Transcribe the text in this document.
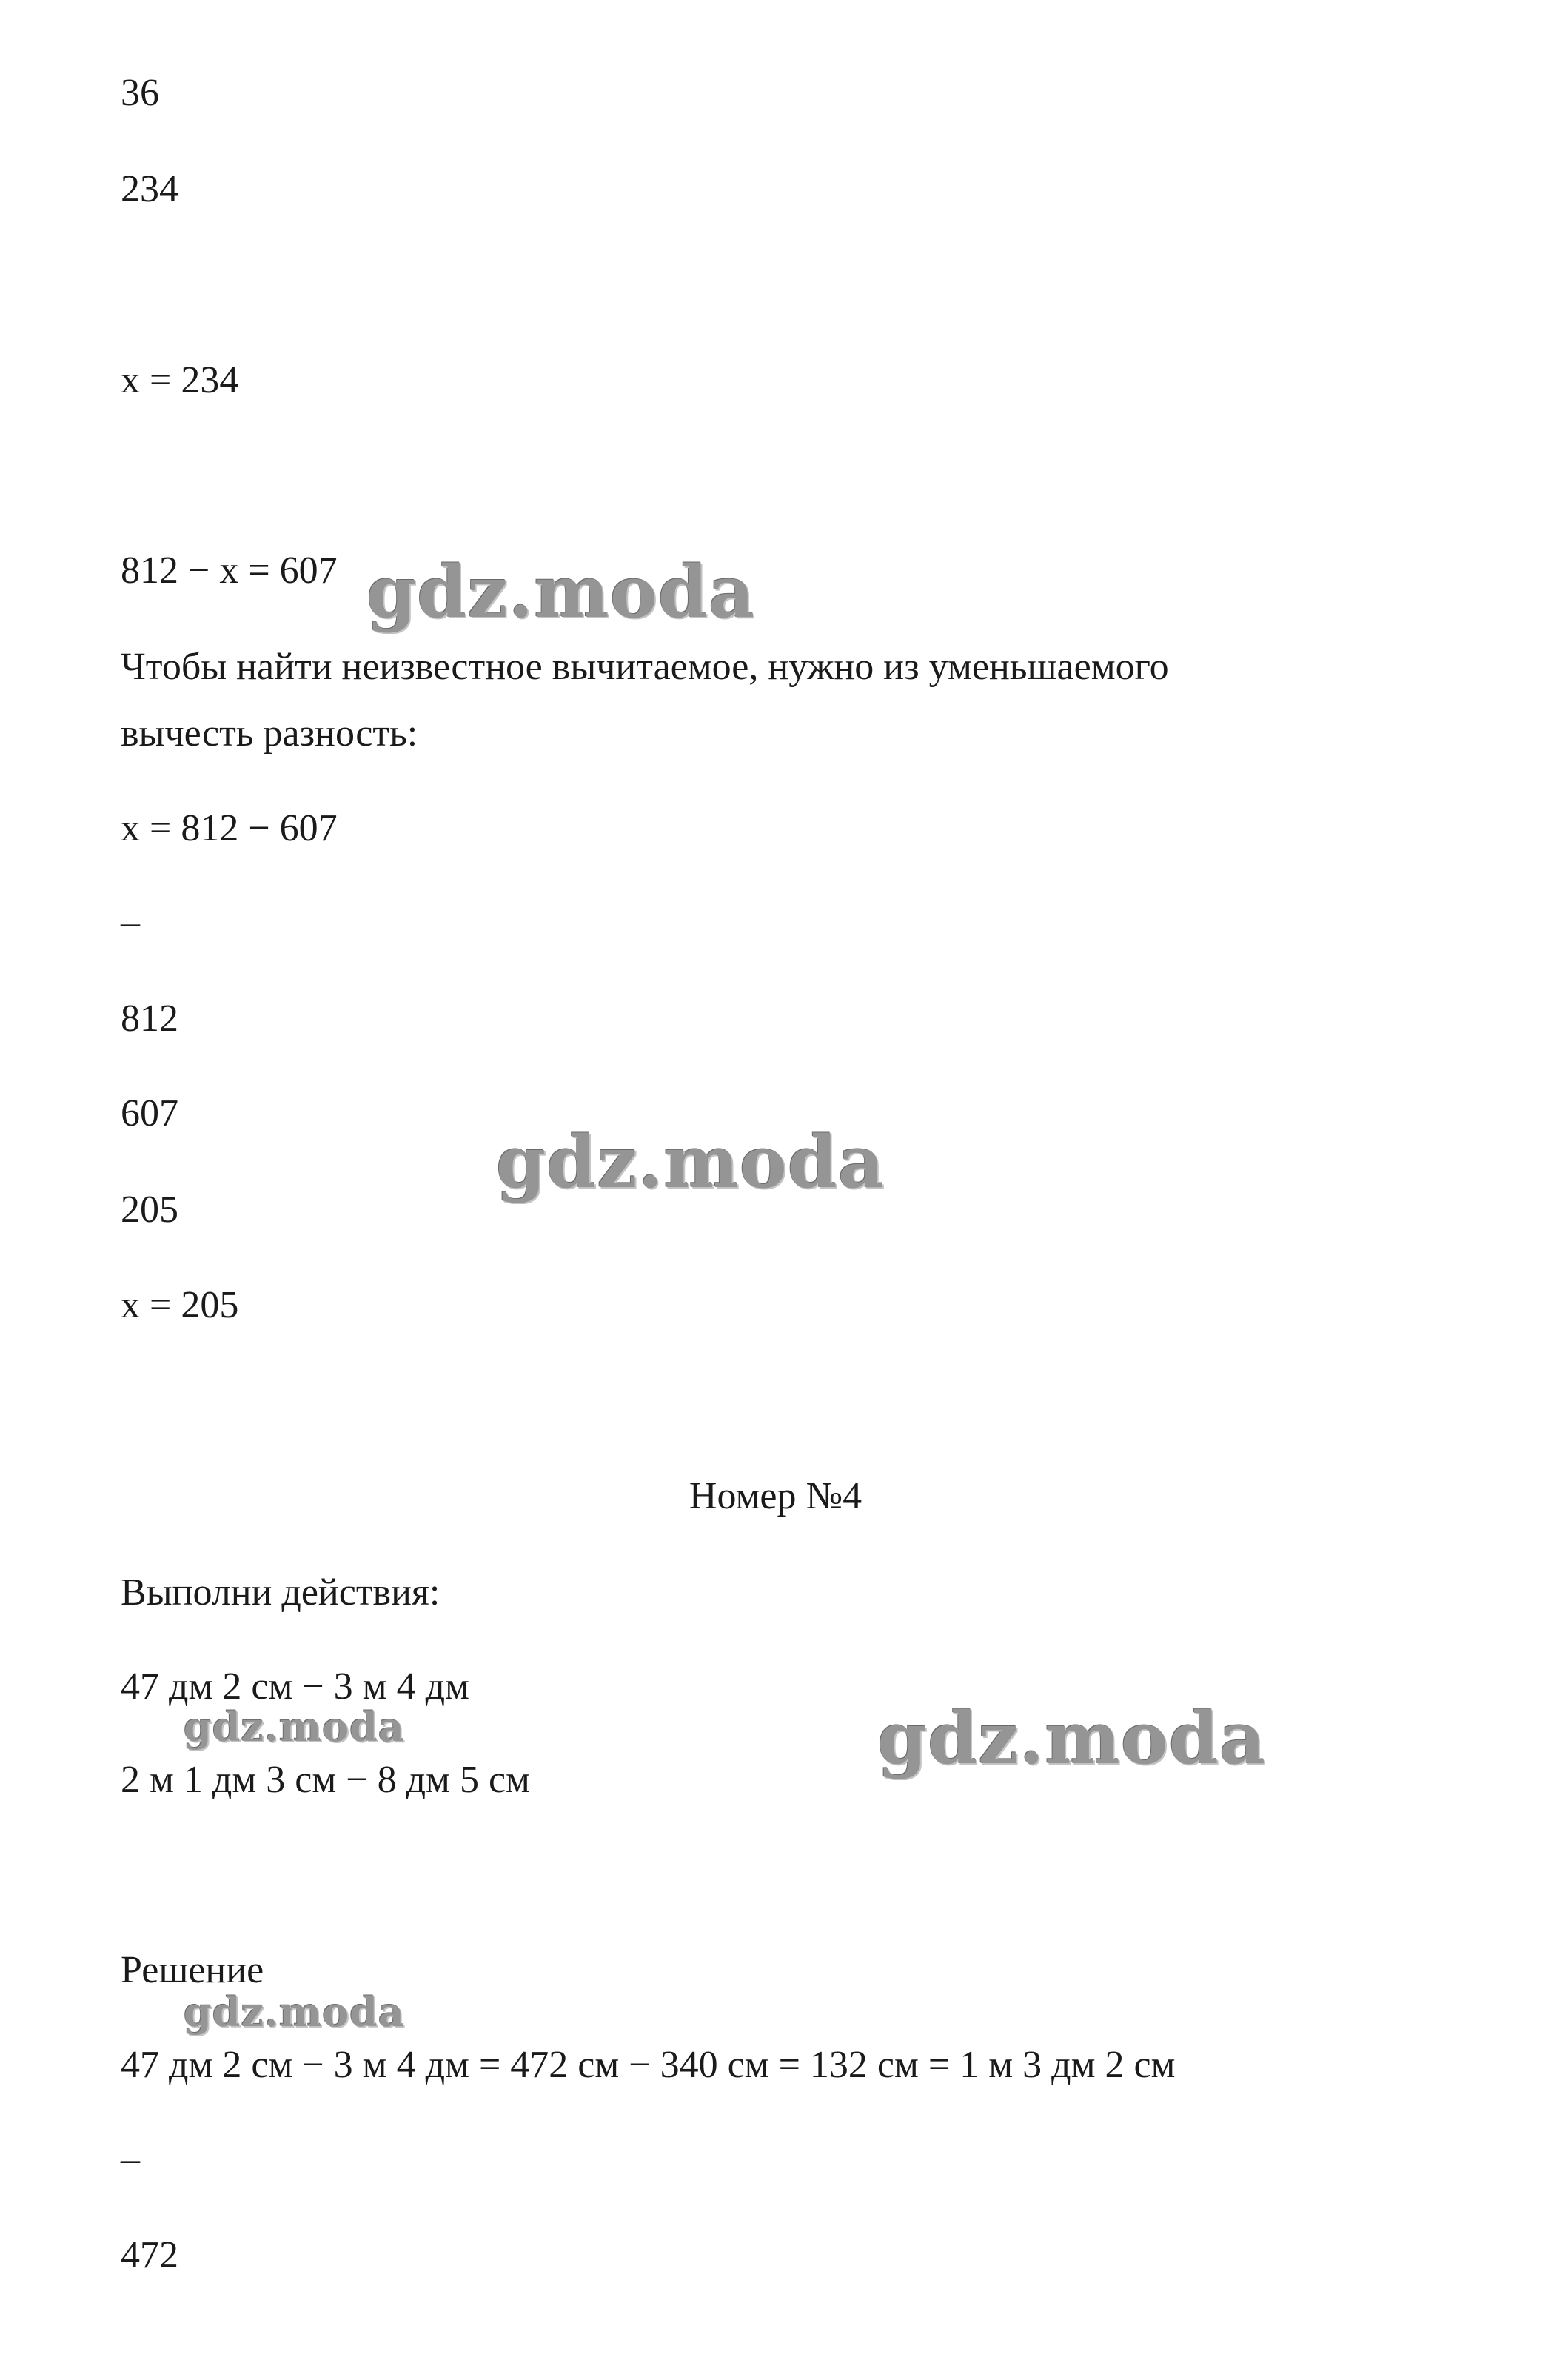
36
234
x = 234
812 − x = 607
Чтобы найти неизвестное вычитаемое, нужно из уменьшаемого
вычесть разность:
x = 812 − 607
–
812
607
205
x = 205
Номер №4
Выполни действия:
47 дм 2 см − 3 м 4 дм
2 м 1 дм 3 см − 8 дм 5 см
Решение
47 дм 2 см − 3 м 4 дм = 472 см − 340 см = 132 см = 1 м 3 дм 2 см
–
472
gdz.moda
gdz.moda
gdz.moda
gdz.moda
gdz.moda
